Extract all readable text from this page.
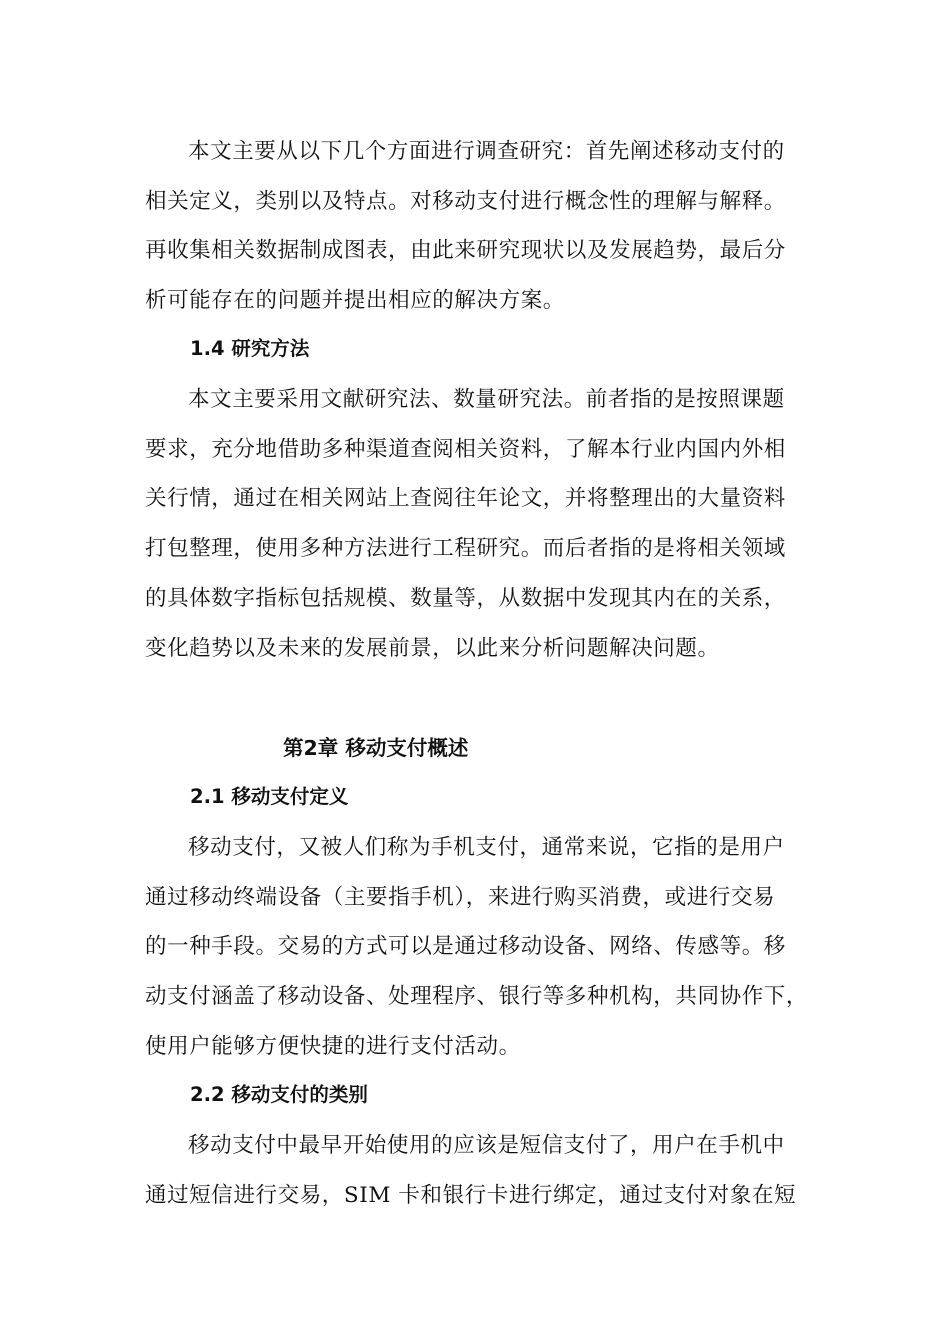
本文主要从以下几个方面进行调查研究：首先阐述移动支付的
相关定义，类别以及特点。对移动支付进行概念性的理解与解释。
再收集相关数据制成图表，由此来研究现状以及发展趋势，最后分
析可能存在的问题并提出相应的解决方案。

1.4 研究方法

本文主要采用文献研究法、数量研究法。前者指的是按照课题
要求，充分地借助多种渠道查阅相关资料，了解本行业内国内外相
关行情，通过在相关网站上查阅往年论文，并将整理出的大量资料
打包整理，使用多种方法进行工程研究。而后者指的是将相关领域
的具体数字指标包括规模、数量等，从数据中发现其内在的关系，
变化趋势以及未来的发展前景，以此来分析问题解决问题。

第2章 移动支付概述
2.1 移动支付定义

移动支付，又被人们称为手机支付，通常来说，它指的是用户
通过移动终端设备（主要指手机），来进行购买消费，或进行交易
的一种手段。交易的方式可以是通过移动设备、网络、传感等。移
动支付涵盖了移动设备、处理程序、银行等多种机构，共同协作下，
使用户能够方便快捷的进行支付活动。

2.2 移动支付的类别

移动支付中最早开始使用的应该是短信支付了，用户在手机中
通过短信进行交易，SIM 卡和银行卡进行绑定，通过支付对象在短
